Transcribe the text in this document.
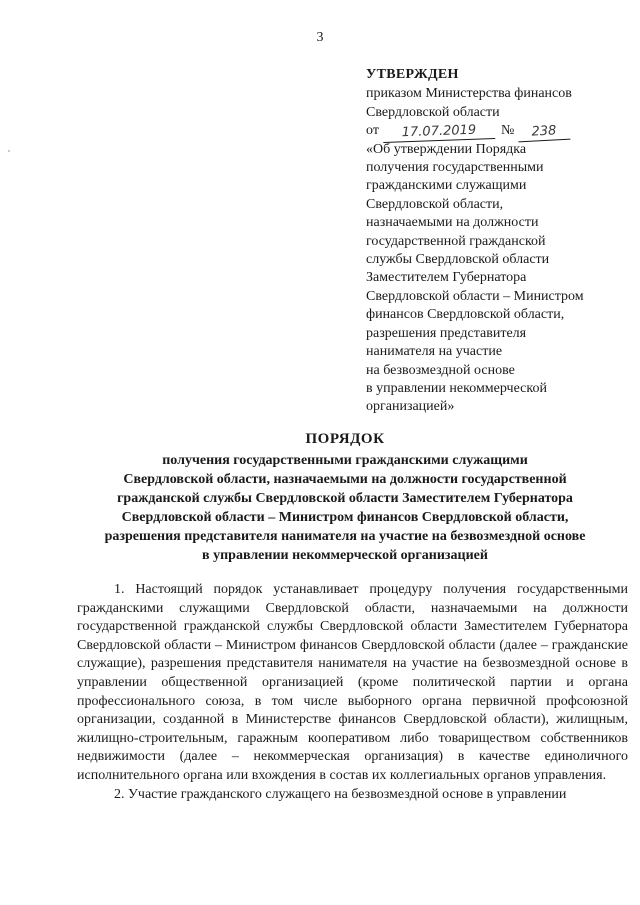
3
УТВЕРЖДЕН
приказом Министерства финансов
Свердловской области
от	17.07.2019	№	238
«Об утверждении Порядка
получения государственными
гражданскими служащими
Свердловской области,
назначаемыми на должности
государственной гражданской
службы Свердловской области
Заместителем Губернатора
Свердловской области – Министром
финансов Свердловской области,
разрешения представителя
нанимателя на участие
на безвозмездной основе
в управлении некоммерческой
организацией»
ПОРЯДОК
получения государственными гражданскими служащими
Свердловской области, назначаемыми на должности государственной
гражданской службы Свердловской области Заместителем Губернатора
Свердловской области – Министром финансов Свердловской области,
разрешения представителя нанимателя на участие на безвозмездной основе
в управлении некоммерческой организацией

1. Настоящий порядок устанавливает процедуру получения государственными гражданскими служащими Свердловской области, назначаемыми на должности государственной гражданской службы Свердловской области Заместителем Губернатора Свердловской области – Министром финансов Свердловской области (далее – гражданские служащие), разрешения представителя нанимателя на участие на безвозмездной основе в управлении общественной организацией (кроме политической партии и органа профессионального союза, в том числе выборного органа первичной профсоюзной организации, созданной в Министерстве финансов Свердловской области), жилищным, жилищно-строительным, гаражным кооперативом либо товариществом собственников недвижимости (далее – некоммерческая организация) в качестве единоличного исполнительного органа или вхождения в состав их коллегиальных органов управления.

2. Участие гражданского служащего на безвозмездной основе в управлении
